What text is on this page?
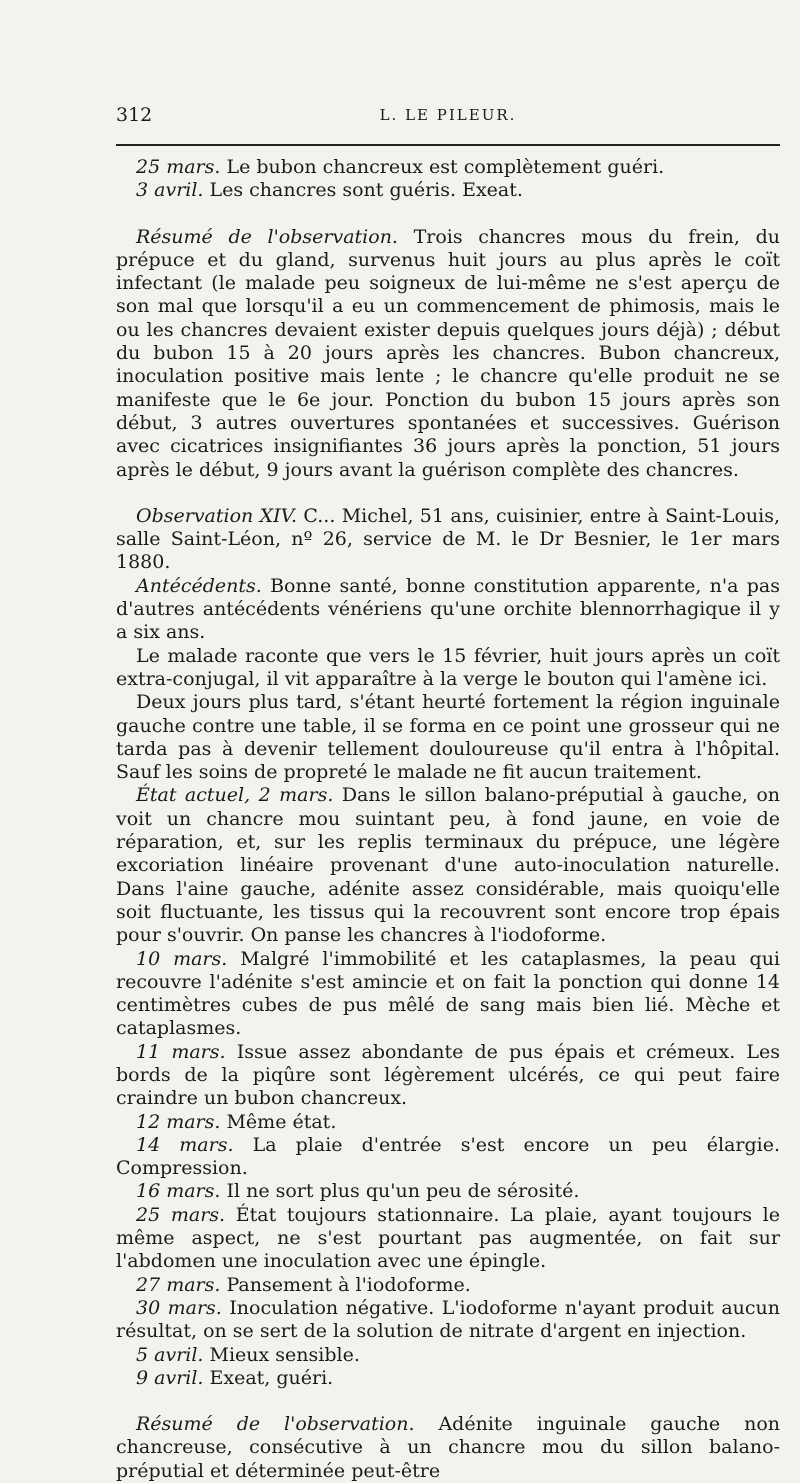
312	L. LE PILEUR.

25 mars. Le bubon chancreux est complètement guéri.

3 avril. Les chancres sont guéris. Exeat.

Résumé de l'observation. Trois chancres mous du frein, du prépuce et du gland, survenus huit jours au plus après le coït infectant (le malade peu soigneux de lui-même ne s'est aperçu de son mal que lorsqu'il a eu un commencement de phimosis, mais le ou les chancres devaient exister depuis quelques jours déjà) ; début du bubon 15 à 20 jours après les chancres. Bubon chancreux, inoculation positive mais lente ; le chancre qu'elle produit ne se manifeste que le 6e jour. Ponction du bubon 15 jours après son début, 3 autres ouvertures spontanées et successives. Guérison avec cicatrices insignifiantes 36 jours après la ponction, 51 jours après le début, 9 jours avant la guérison complète des chancres.

Observation XIV. C... Michel, 51 ans, cuisinier, entre à Saint-Louis, salle Saint-Léon, nº 26, service de M. le Dr Besnier, le 1er mars 1880.

Antécédents. Bonne santé, bonne constitution apparente, n'a pas d'autres antécédents vénériens qu'une orchite blennorrhagique il y a six ans.

Le malade raconte que vers le 15 février, huit jours après un coït extra-conjugal, il vit apparaître à la verge le bouton qui l'amène ici.

Deux jours plus tard, s'étant heurté fortement la région inguinale gauche contre une table, il se forma en ce point une grosseur qui ne tarda pas à devenir tellement douloureuse qu'il entra à l'hôpital. Sauf les soins de propreté le malade ne fit aucun traitement.

État actuel, 2 mars. Dans le sillon balano-préputial à gauche, on voit un chancre mou suintant peu, à fond jaune, en voie de réparation, et, sur les replis terminaux du prépuce, une légère excoriation linéaire provenant d'une auto-inoculation naturelle. Dans l'aine gauche, adénite assez considérable, mais quoiqu'elle soit fluctuante, les tissus qui la recouvrent sont encore trop épais pour s'ouvrir. On panse les chancres à l'iodoforme.

10 mars. Malgré l'immobilité et les cataplasmes, la peau qui recouvre l'adénite s'est amincie et on fait la ponction qui donne 14 centimètres cubes de pus mêlé de sang mais bien lié. Mèche et cataplasmes.

11 mars. Issue assez abondante de pus épais et crémeux. Les bords de la piqûre sont légèrement ulcérés, ce qui peut faire craindre un bubon chancreux.

12 mars. Même état.

14 mars. La plaie d'entrée s'est encore un peu élargie. Compression.

16 mars. Il ne sort plus qu'un peu de sérosité.

25 mars. État toujours stationnaire. La plaie, ayant toujours le même aspect, ne s'est pourtant pas augmentée, on fait sur l'abdomen une inoculation avec une épingle.

27 mars. Pansement à l'iodoforme.

30 mars. Inoculation négative. L'iodoforme n'ayant produit aucun résultat, on se sert de la solution de nitrate d'argent en injection.

5 avril. Mieux sensible.

9 avril. Exeat, guéri.

Résumé de l'observation. Adénite inguinale gauche non chancreuse, consécutive à un chancre mou du sillon balano-préputial et déterminée peut-être
